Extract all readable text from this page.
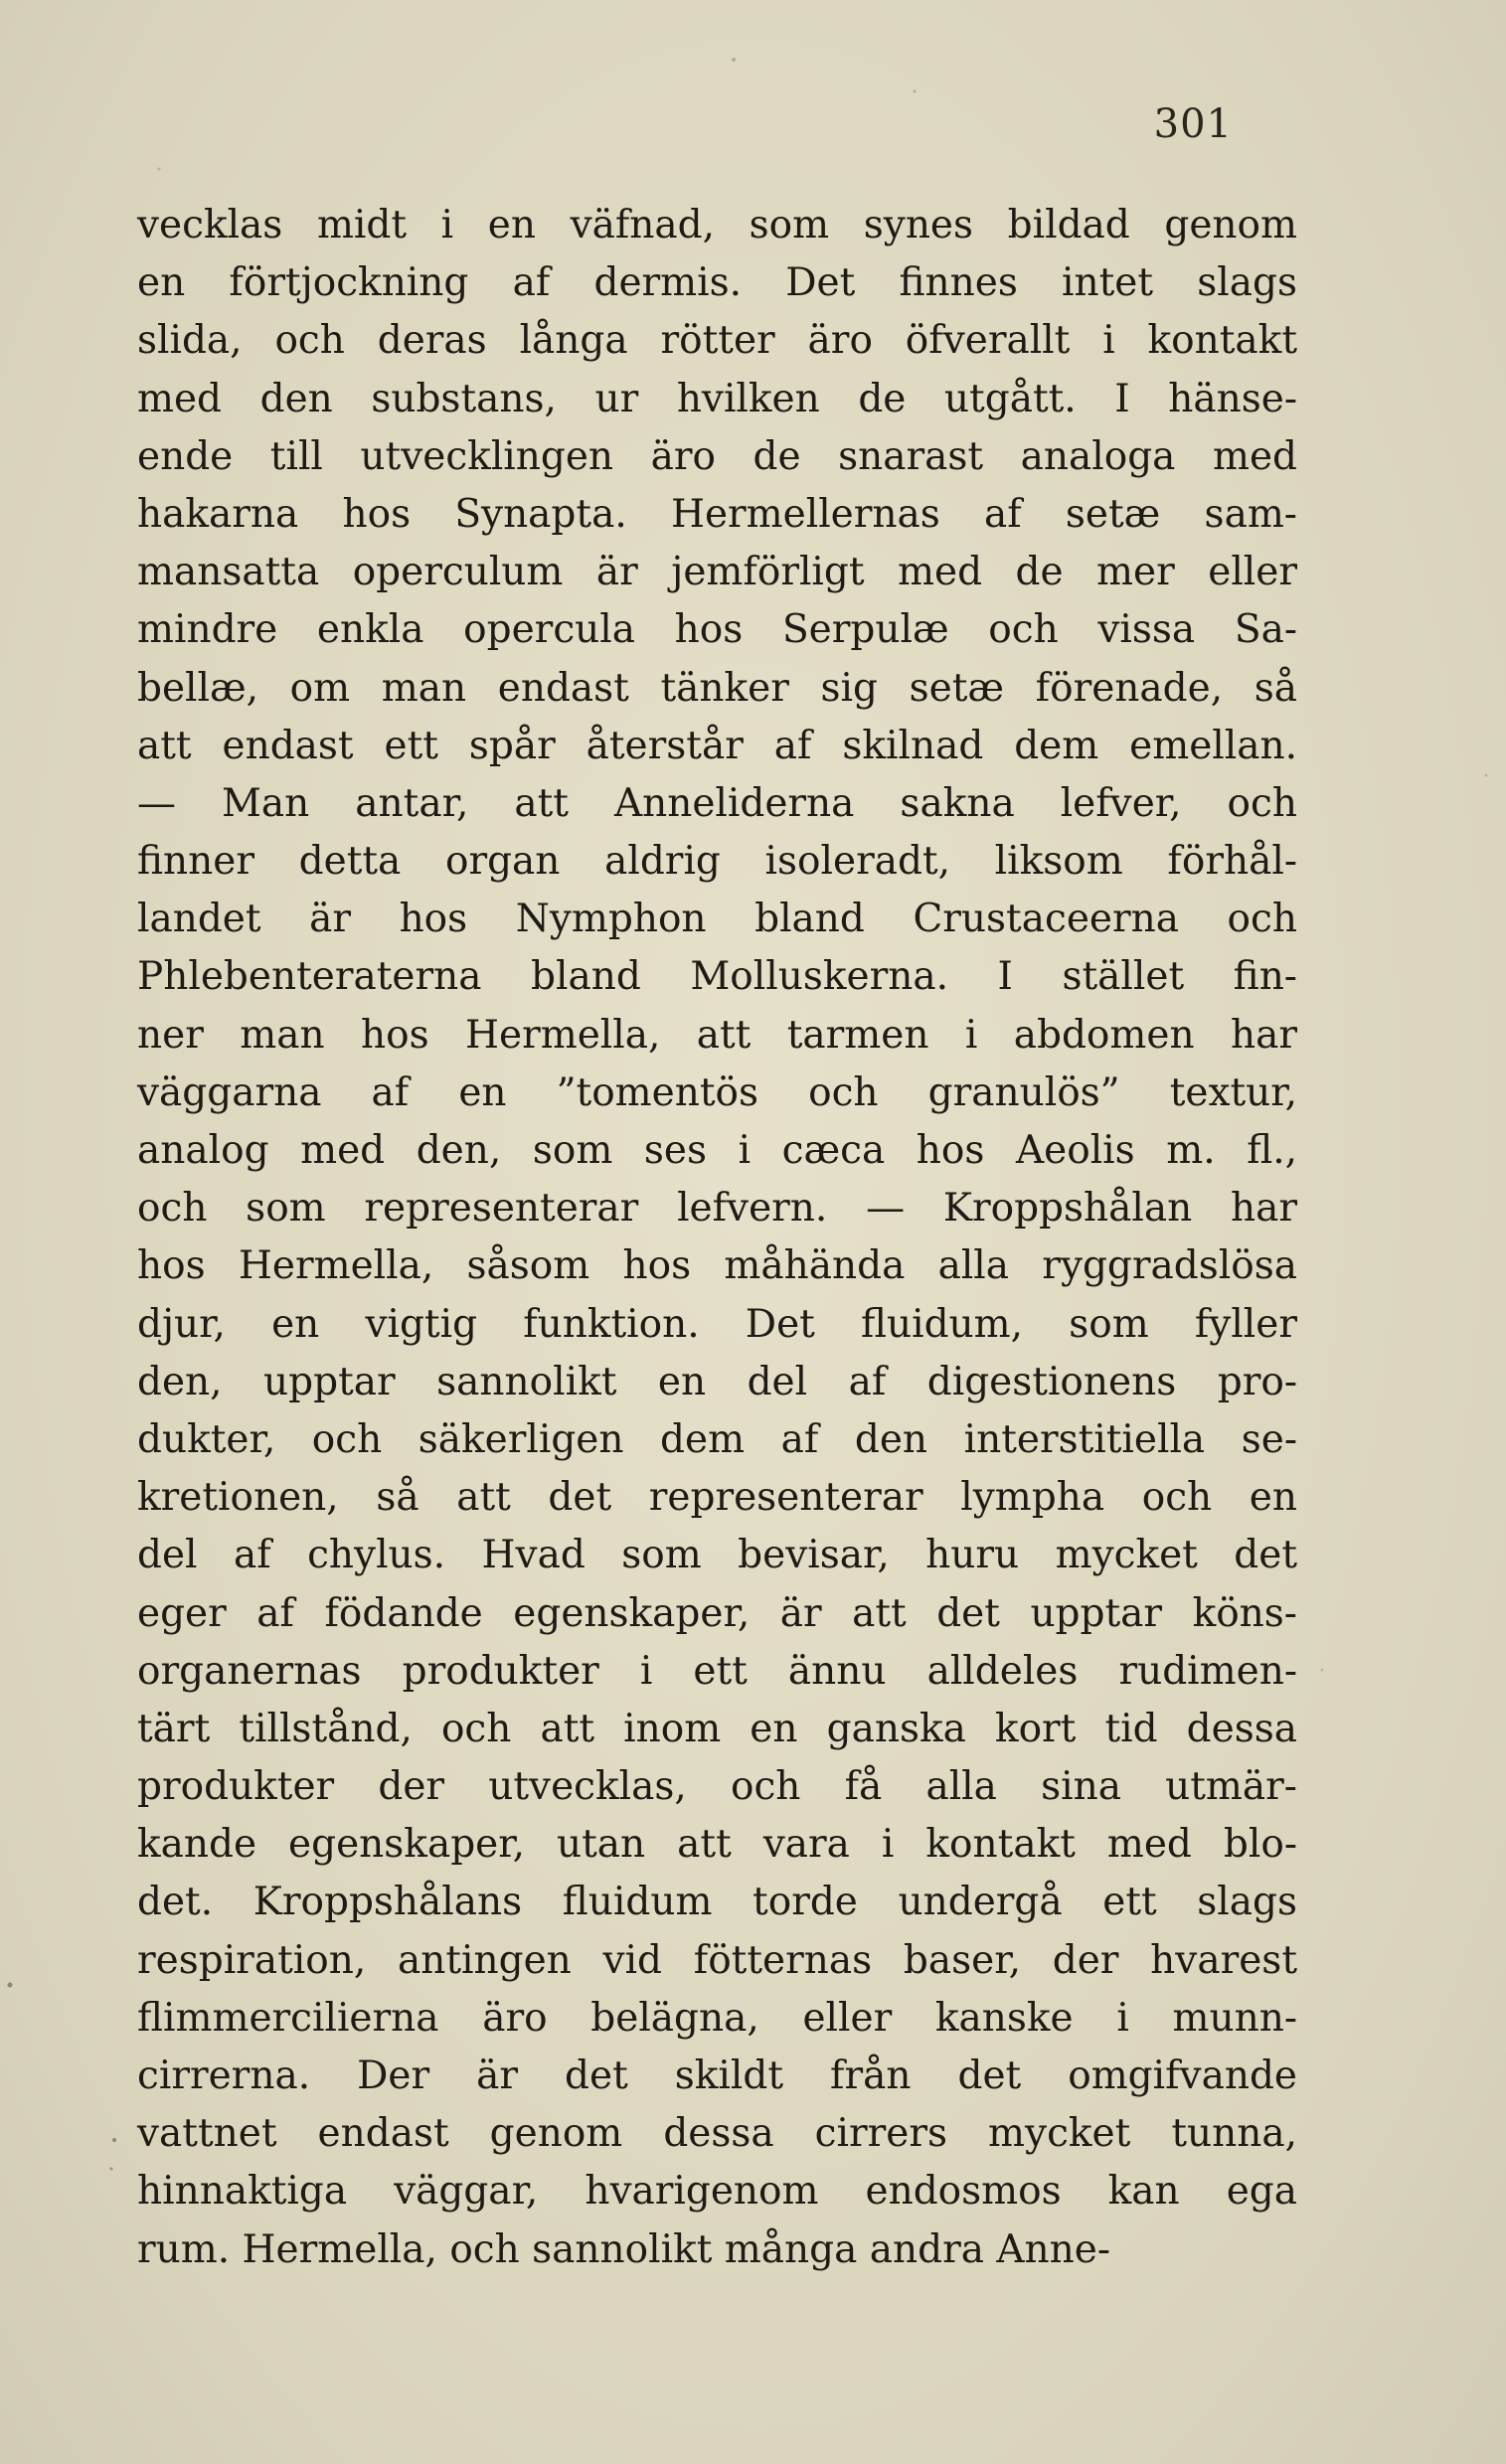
301
vecklas midt i en väfnad, som synes bildad genom
en förtjockning af dermis. Det finnes intet slags
slida, och deras långa rötter äro öfverallt i kontakt
med den substans, ur hvilken de utgått. I hänse-
ende till utvecklingen äro de snarast analoga med
hakarna hos Synapta. Hermellernas af setæ sam-
mansatta operculum är jemförligt med de mer eller
mindre enkla opercula hos Serpulæ och vissa Sa-
bellæ, om man endast tänker sig setæ förenade, så
att endast ett spår återstår af skilnad dem emellan.
— Man antar, att Anneliderna sakna lefver, och
finner detta organ aldrig isoleradt, liksom förhål-
landet är hos Nymphon bland Crustaceerna och
Phlebenteraterna bland Molluskerna. I stället fin-
ner man hos Hermella, att tarmen i abdomen har
väggarna af en ”tomentös och granulös” textur,
analog med den, som ses i cæca hos Aeolis m. fl.,
och som representerar lefvern. — Kroppshålan har
hos Hermella, såsom hos måhända alla ryggradslösa
djur, en vigtig funktion. Det fluidum, som fyller
den, upptar sannolikt en del af digestionens pro-
dukter, och säkerligen dem af den interstitiella se-
kretionen, så att det representerar lympha och en
del af chylus. Hvad som bevisar, huru mycket det
eger af födande egenskaper, är att det upptar köns-
organernas produkter i ett ännu alldeles rudimen-
tärt tillstånd, och att inom en ganska kort tid dessa
produkter der utvecklas, och få alla sina utmär-
kande egenskaper, utan att vara i kontakt med blo-
det. Kroppshålans fluidum torde undergå ett slags
respiration, antingen vid fötternas baser, der hvarest
flimmercilierna äro belägna, eller kanske i munn-
cirrerna. Der är det skildt från det omgifvande
vattnet endast genom dessa cirrers mycket tunna,
hinnaktiga väggar, hvarigenom endosmos kan ega
rum. Hermella, och sannolikt många andra Anne-
